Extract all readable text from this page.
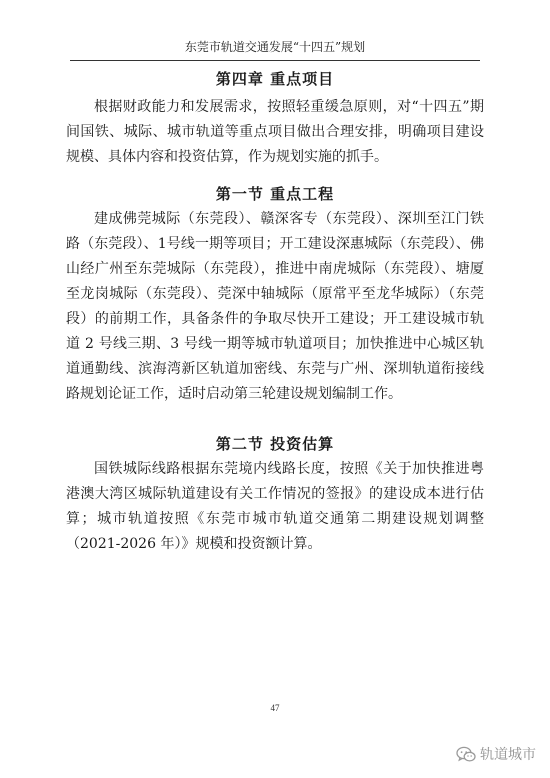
东莞市轨道交通发展“十四五”规划
第四章 重点项目

根据财政能力和发展需求，按照轻重缓急原则，对“十四五”期间国铁、城际、城市轨道等重点项目做出合理安排，明确项目建设规模、具体内容和投资估算，作为规划实施的抓手。

第一节 重点工程

建成佛莞城际（东莞段）、赣深客专（东莞段）、深圳至江门铁路（东莞段）、1号线一期等项目；开工建设深惠城际（东莞段）、佛山经广州至东莞城际（东莞段），推进中南虎城际（东莞段）、塘厦至龙岗城际（东莞段）、莞深中轴城际（原常平至龙华城际）（东莞段）的前期工作，具备条件的争取尽快开工建设；开工建设城市轨道 2 号线三期、3 号线一期等城市轨道项目；加快推进中心城区轨道通勤线、滨海湾新区轨道加密线、东莞与广州、深圳轨道衔接线路规划论证工作，适时启动第三轮建设规划编制工作。

第二节 投资估算

国铁城际线路根据东莞境内线路长度，按照《关于加快推进粤港澳大湾区城际轨道建设有关工作情况的签报》的建设成本进行估算；城市轨道按照《东莞市城市轨道交通第二期建设规划调整（2021-2026 年）》规模和投资额计算。

47
轨道城市
